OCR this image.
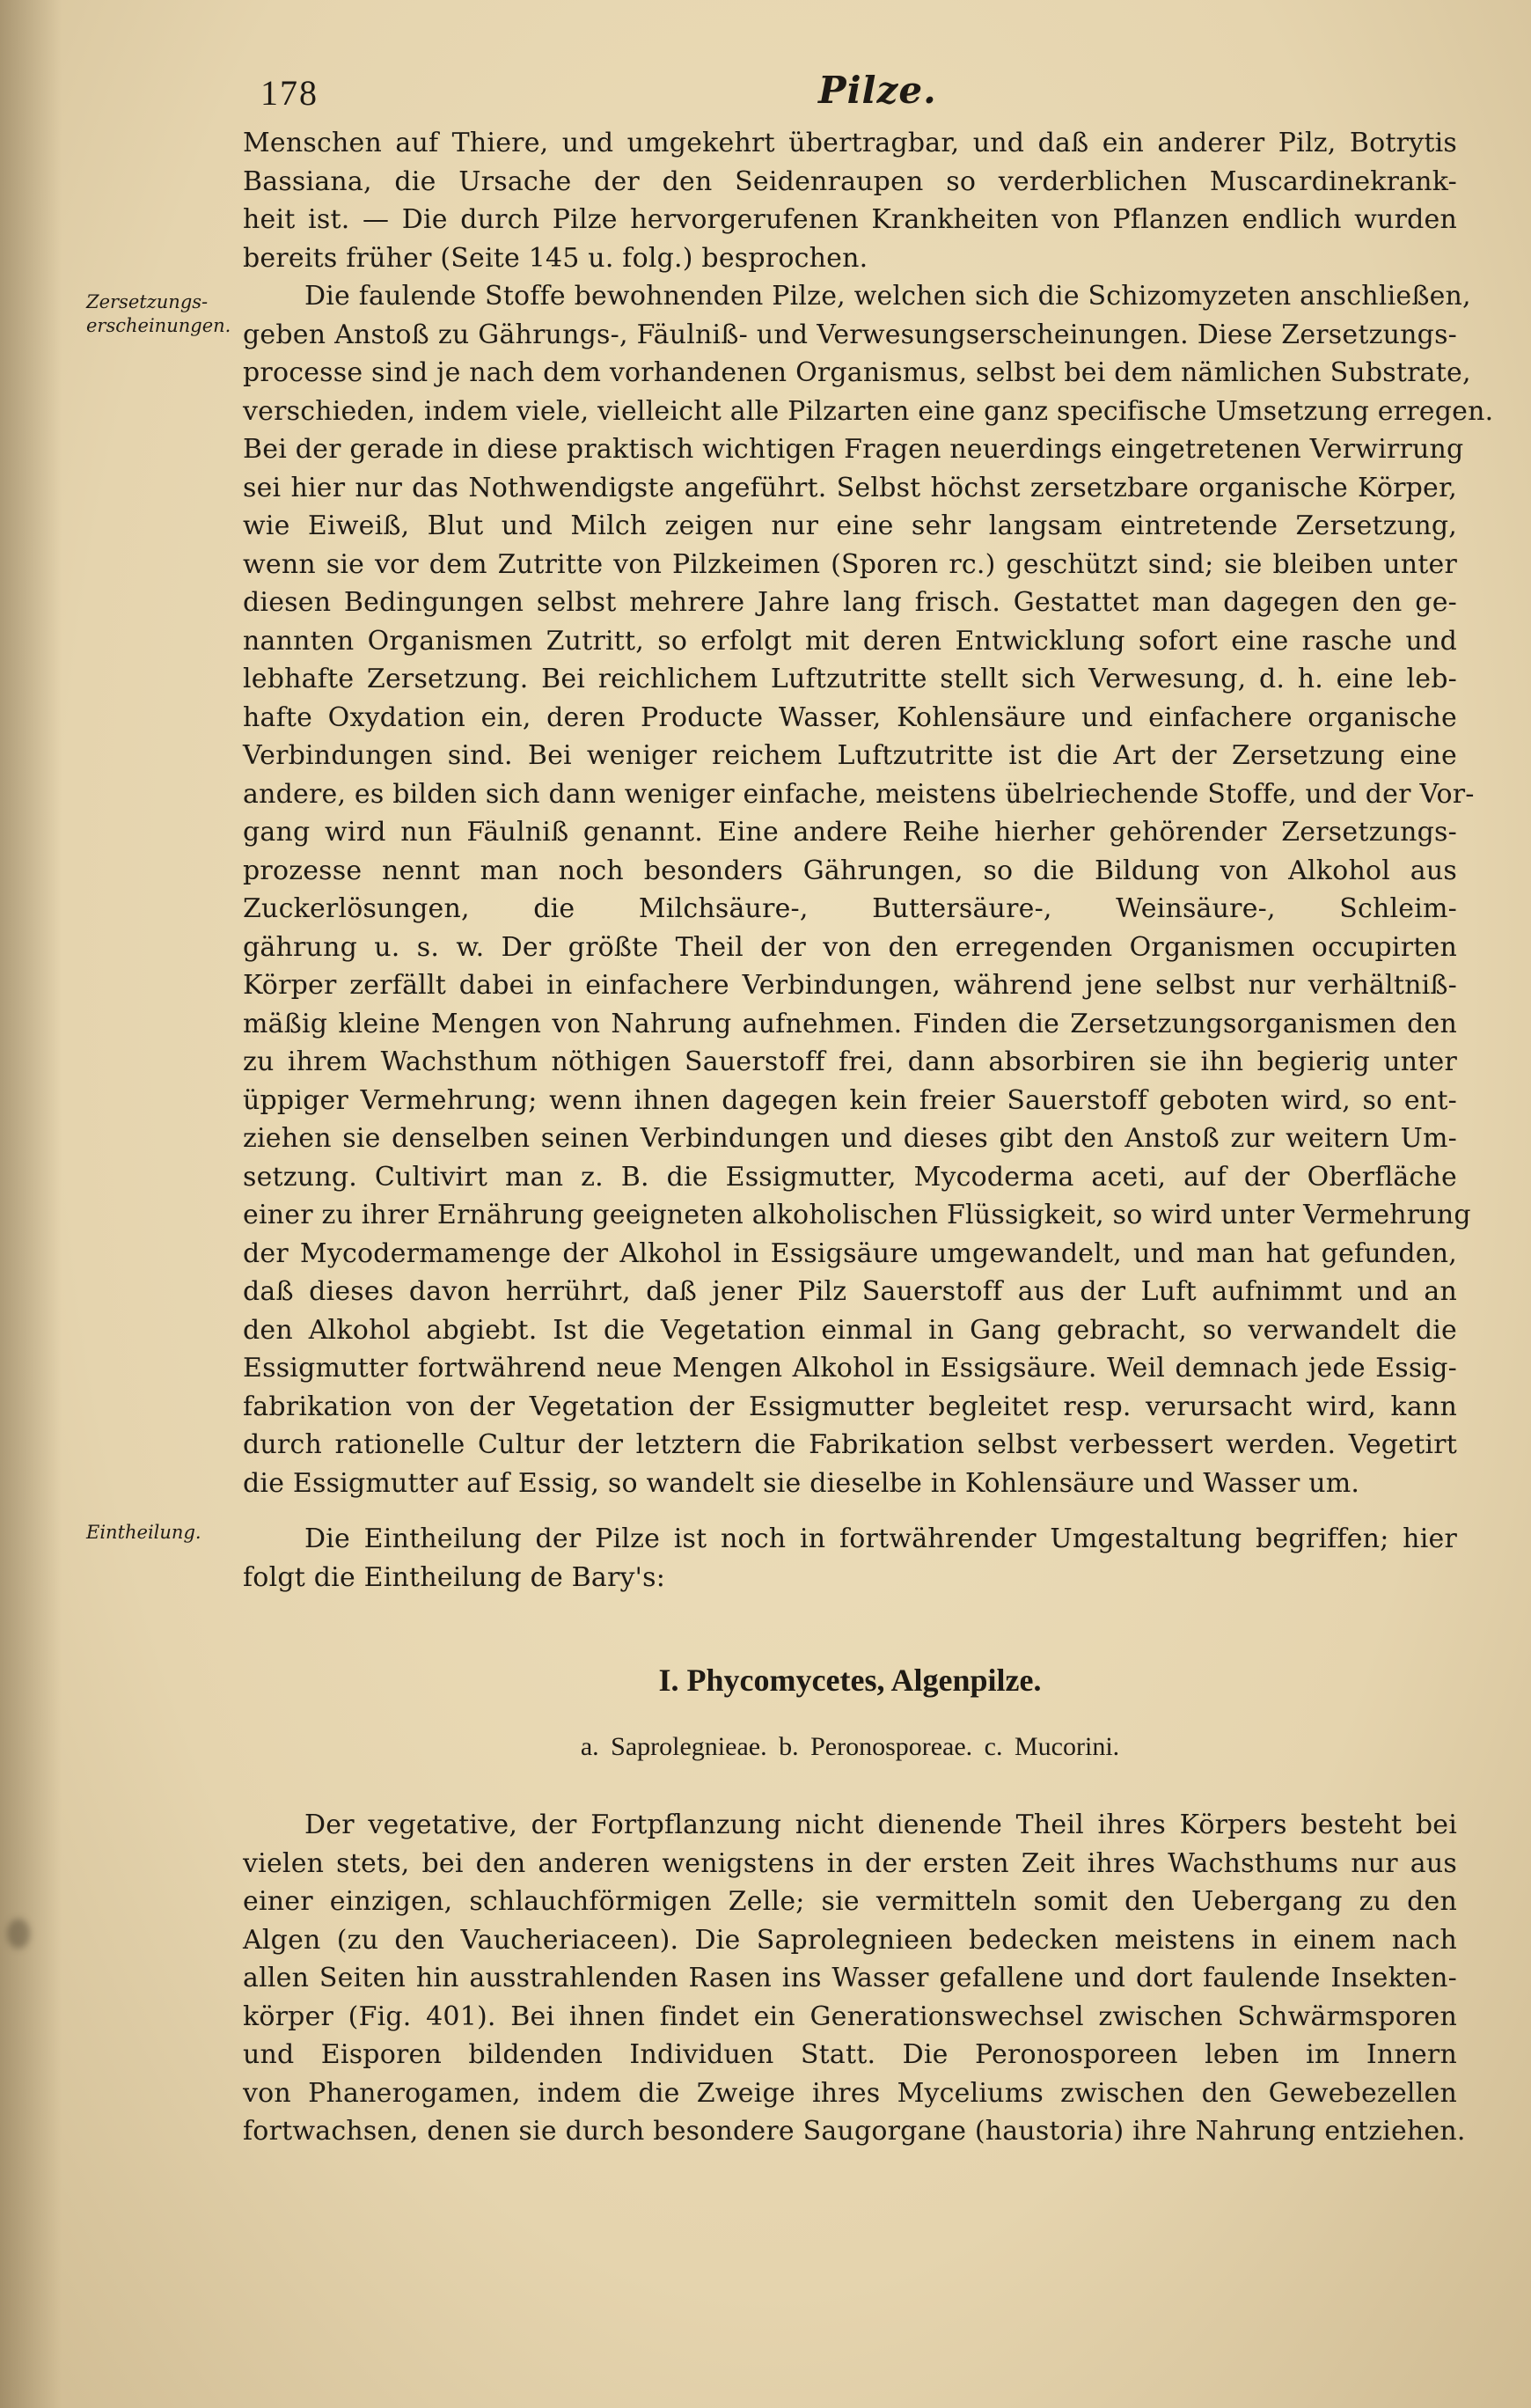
178	Pilze.
Zersetzungs-erscheinungen.
Eintheilung.
Menschen auf Thiere, und umgekehrt übertragbar, und daß ein anderer Pilz, Botrytis
Bassiana, die Ursache der den Seidenraupen so verderblichen Muscardinekrank-
heit ist. — Die durch Pilze hervorgerufenen Krankheiten von Pflanzen endlich wurden
bereits früher (Seite 145 u. folg.) besprochen.
Die faulende Stoffe bewohnenden Pilze, welchen sich die Schizomyzeten anschließen,
geben Anstoß zu Gährungs-, Fäulniß- und Verwesungserscheinungen. Diese Zersetzungs-
processe sind je nach dem vorhandenen Organismus, selbst bei dem nämlichen Substrate,
verschieden, indem viele, vielleicht alle Pilzarten eine ganz specifische Umsetzung erregen.
Bei der gerade in diese praktisch wichtigen Fragen neuerdings eingetretenen Verwirrung
sei hier nur das Nothwendigste angeführt. Selbst höchst zersetzbare organische Körper,
wie Eiweiß, Blut und Milch zeigen nur eine sehr langsam eintretende Zersetzung,
wenn sie vor dem Zutritte von Pilzkeimen (Sporen rc.) geschützt sind; sie bleiben unter
diesen Bedingungen selbst mehrere Jahre lang frisch. Gestattet man dagegen den ge-
nannten Organismen Zutritt, so erfolgt mit deren Entwicklung sofort eine rasche und
lebhafte Zersetzung. Bei reichlichem Luftzutritte stellt sich Verwesung, d. h. eine leb-
hafte Oxydation ein, deren Producte Wasser, Kohlensäure und einfachere organische
Verbindungen sind. Bei weniger reichem Luftzutritte ist die Art der Zersetzung eine
andere, es bilden sich dann weniger einfache, meistens übelriechende Stoffe, und der Vor-
gang wird nun Fäulniß genannt. Eine andere Reihe hierher gehörender Zersetzungs-
prozesse nennt man noch besonders Gährungen, so die Bildung von Alkohol aus
Zuckerlösungen, die Milchsäure-, Buttersäure-, Weinsäure-, Schleim-
gährung u. s. w. Der größte Theil der von den erregenden Organismen occupirten
Körper zerfällt dabei in einfachere Verbindungen, während jene selbst nur verhältniß-
mäßig kleine Mengen von Nahrung aufnehmen. Finden die Zersetzungsorganismen den
zu ihrem Wachsthum nöthigen Sauerstoff frei, dann absorbiren sie ihn begierig unter
üppiger Vermehrung; wenn ihnen dagegen kein freier Sauerstoff geboten wird, so ent-
ziehen sie denselben seinen Verbindungen und dieses gibt den Anstoß zur weitern Um-
setzung. Cultivirt man z. B. die Essigmutter, Mycoderma aceti, auf der Oberfläche
einer zu ihrer Ernährung geeigneten alkoholischen Flüssigkeit, so wird unter Vermehrung
der Mycodermamenge der Alkohol in Essigsäure umgewandelt, und man hat gefunden,
daß dieses davon herrührt, daß jener Pilz Sauerstoff aus der Luft aufnimmt und an
den Alkohol abgiebt. Ist die Vegetation einmal in Gang gebracht, so verwandelt die
Essigmutter fortwährend neue Mengen Alkohol in Essigsäure. Weil demnach jede Essig-
fabrikation von der Vegetation der Essigmutter begleitet resp. verursacht wird, kann
durch rationelle Cultur der letztern die Fabrikation selbst verbessert werden. Vegetirt
die Essigmutter auf Essig, so wandelt sie dieselbe in Kohlensäure und Wasser um.
Die Eintheilung der Pilze ist noch in fortwährender Umgestaltung begriffen; hier
folgt die Eintheilung de Bary's:
I. Phycomycetes, Algenpilze.
a. Saprolegnieae. b. Peronosporeae. c. Mucorini.
Der vegetative, der Fortpflanzung nicht dienende Theil ihres Körpers besteht bei
vielen stets, bei den anderen wenigstens in der ersten Zeit ihres Wachsthums nur aus
einer einzigen, schlauchförmigen Zelle; sie vermitteln somit den Uebergang zu den
Algen (zu den Vaucheriaceen). Die Saprolegnieen bedecken meistens in einem nach
allen Seiten hin ausstrahlenden Rasen ins Wasser gefallene und dort faulende Insekten-
körper (Fig. 401). Bei ihnen findet ein Generationswechsel zwischen Schwärmsporen
und Eisporen bildenden Individuen Statt. Die Peronosporeen leben im Innern
von Phanerogamen, indem die Zweige ihres Myceliums zwischen den Gewebezellen
fortwachsen, denen sie durch besondere Saugorgane (haustoria) ihre Nahrung entziehen.
